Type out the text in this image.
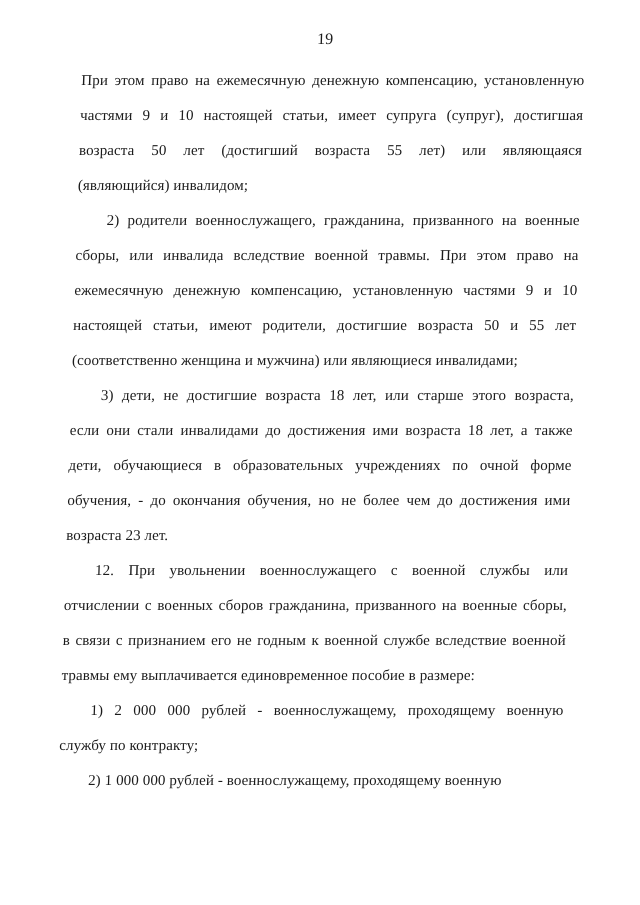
19
При этом право на ежемесячную денежную компенсацию, установленную
частями 9 и 10 настоящей статьи, имеет супруга (супруг), достигшая
возраста 50 лет (достигший возраста 55 лет) или являющаяся
(являющийся) инвалидом;
2) родители военнослужащего, гражданина, призванного на военные
сборы, или инвалида вследствие военной травмы. При этом право на
ежемесячную денежную компенсацию, установленную частями 9 и 10
настоящей статьи, имеют родители, достигшие возраста 50 и 55 лет
(соответственно женщина и мужчина) или являющиеся инвалидами;
3) дети, не достигшие возраста 18 лет, или старше этого возраста,
если они стали инвалидами до достижения ими возраста 18 лет, а также
дети, обучающиеся в образовательных учреждениях по очной форме
обучения, - до окончания обучения, но не более чем до достижения ими
возраста 23 лет.
12. При увольнении военнослужащего с военной службы или
отчислении с военных сборов гражданина, призванного на военные сборы,
в связи с признанием его не годным к военной службе вследствие военной
травмы ему выплачивается единовременное пособие в размере:
1) 2 000 000 рублей - военнослужащему, проходящему военную
службу по контракту;
2) 1 000 000 рублей - военнослужащему, проходящему военную
